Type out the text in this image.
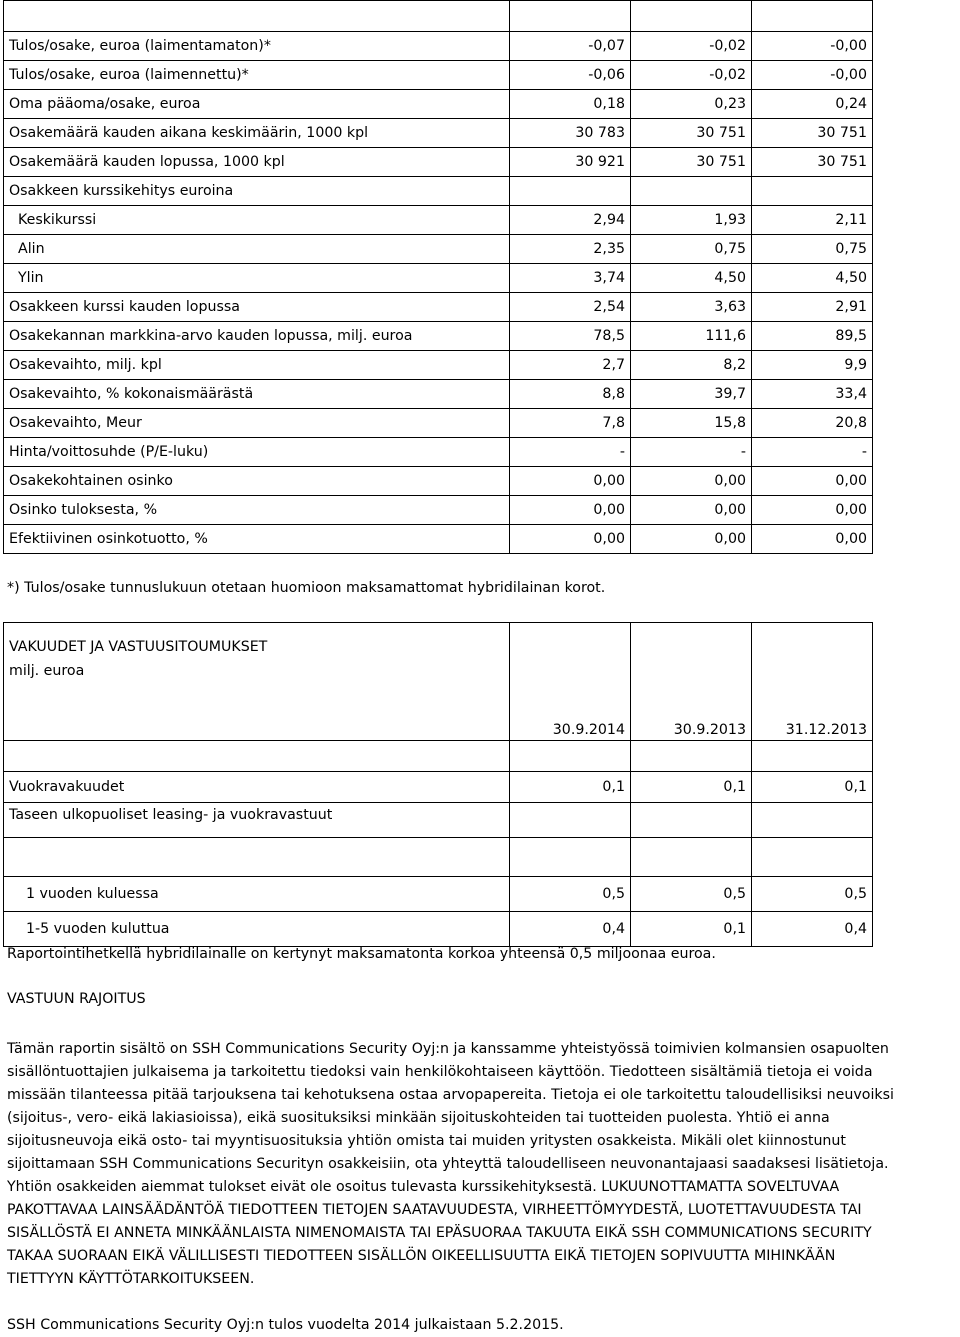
Tulos/osake, euroa (laimentamaton)*	-0,07	-0,02	-0,00
Tulos/osake, euroa (laimennettu)*	-0,06	-0,02	-0,00
Oma pääoma/osake, euroa	0,18	0,23	0,24
Osakemäärä kauden aikana keskimäärin, 1000 kpl	30 783	30 751	30 751
Osakemäärä kauden lopussa, 1000 kpl	30 921	30 751	30 751
Osakkeen kurssikehitys euroina			
Keskikurssi	2,94	1,93	2,11
Alin	2,35	0,75	0,75
Ylin	3,74	4,50	4,50
Osakkeen kurssi kauden lopussa	2,54	3,63	2,91
Osakekannan markkina-arvo kauden lopussa, milj. euroa	78,5	111,6	89,5
Osakevaihto, milj. kpl	2,7	8,2	9,9
Osakevaihto, % kokonaismäärästä	8,8	39,7	33,4
Osakevaihto, Meur	7,8	15,8	20,8
Hinta/voittosuhde (P/E-luku)	-	-	-
Osakekohtainen osinko	0,00	0,00	0,00
Osinko tuloksesta, %	0,00	0,00	0,00
Efektiivinen osinkotuotto, %	0,00	0,00	0,00
*) Tulos/osake tunnuslukuun otetaan huomioon maksamattomat hybridilainan korot.
VAKUUDET JA VASTUUSITOUMUKSET
milj. euroa	30.9.2014	30.9.2013	31.12.2013

Vuokravakuudet	0,1	0,1	0,1
Taseen ulkopuoliset leasing- ja vuokravastuut			

1 vuoden kuluessa	0,5	0,5	0,5
1-5 vuoden kuluttua	0,4	0,1	0,4
Raportointihetkellä hybridilainalle on kertynyt maksamatonta korkoa yhteensä 0,5 miljoonaa euroa.
VASTUUN RAJOITUS

Tämän raportin sisältö on SSH Communications Security Oyj:n ja kanssamme yhteistyössä toimivien kolmansien osapuolten

sisällöntuottajien julkaisema ja tarkoitettu tiedoksi vain henkilökohtaiseen käyttöön. Tiedotteen sisältämiä tietoja ei voida

missään tilanteessa pitää tarjouksena tai kehotuksena ostaa arvopapereita. Tietoja ei ole tarkoitettu taloudellisiksi neuvoiksi

(sijoitus-, vero- eikä lakiasioissa), eikä suosituksiksi minkään sijoituskohteiden tai tuotteiden puolesta. Yhtiö ei anna

sijoitusneuvoja eikä osto- tai myyntisuosituksia yhtiön omista tai muiden yritysten osakkeista. Mikäli olet kiinnostunut

sijoittamaan SSH Communications Securityn osakkeisiin, ota yhteyttä taloudelliseen neuvonantajaasi saadaksesi lisätietoja.

Yhtiön osakkeiden aiemmat tulokset eivät ole osoitus tulevasta kurssikehityksestä. LUKUUNOTTAMATTA SOVELTUVAA

PAKOTTAVAA LAINSÄÄDÄNTÖÄ TIEDOTTEEN TIETOJEN SAATAVUUDESTA, VIRHEETTÖMYYDESTÄ, LUOTETTAVUUDESTA TAI

SISÄLLÖSTÄ EI ANNETA MINKÄÄNLAISTA NIMENOMAISTA TAI EPÄSUORAA TAKUUTA EIKÄ SSH COMMUNICATIONS SECURITY

TAKAA SUORAAN EIKÄ VÄLILLISESTI TIEDOTTEEN SISÄLLÖN OIKEELLISUUTTA EIKÄ TIETOJEN SOPIVUUTTA MIHINKÄÄN

TIETTYYN KÄYTTÖTARKOITUKSEEN.

SSH Communications Security Oyj:n tulos vuodelta 2014 julkaistaan 5.2.2015.
